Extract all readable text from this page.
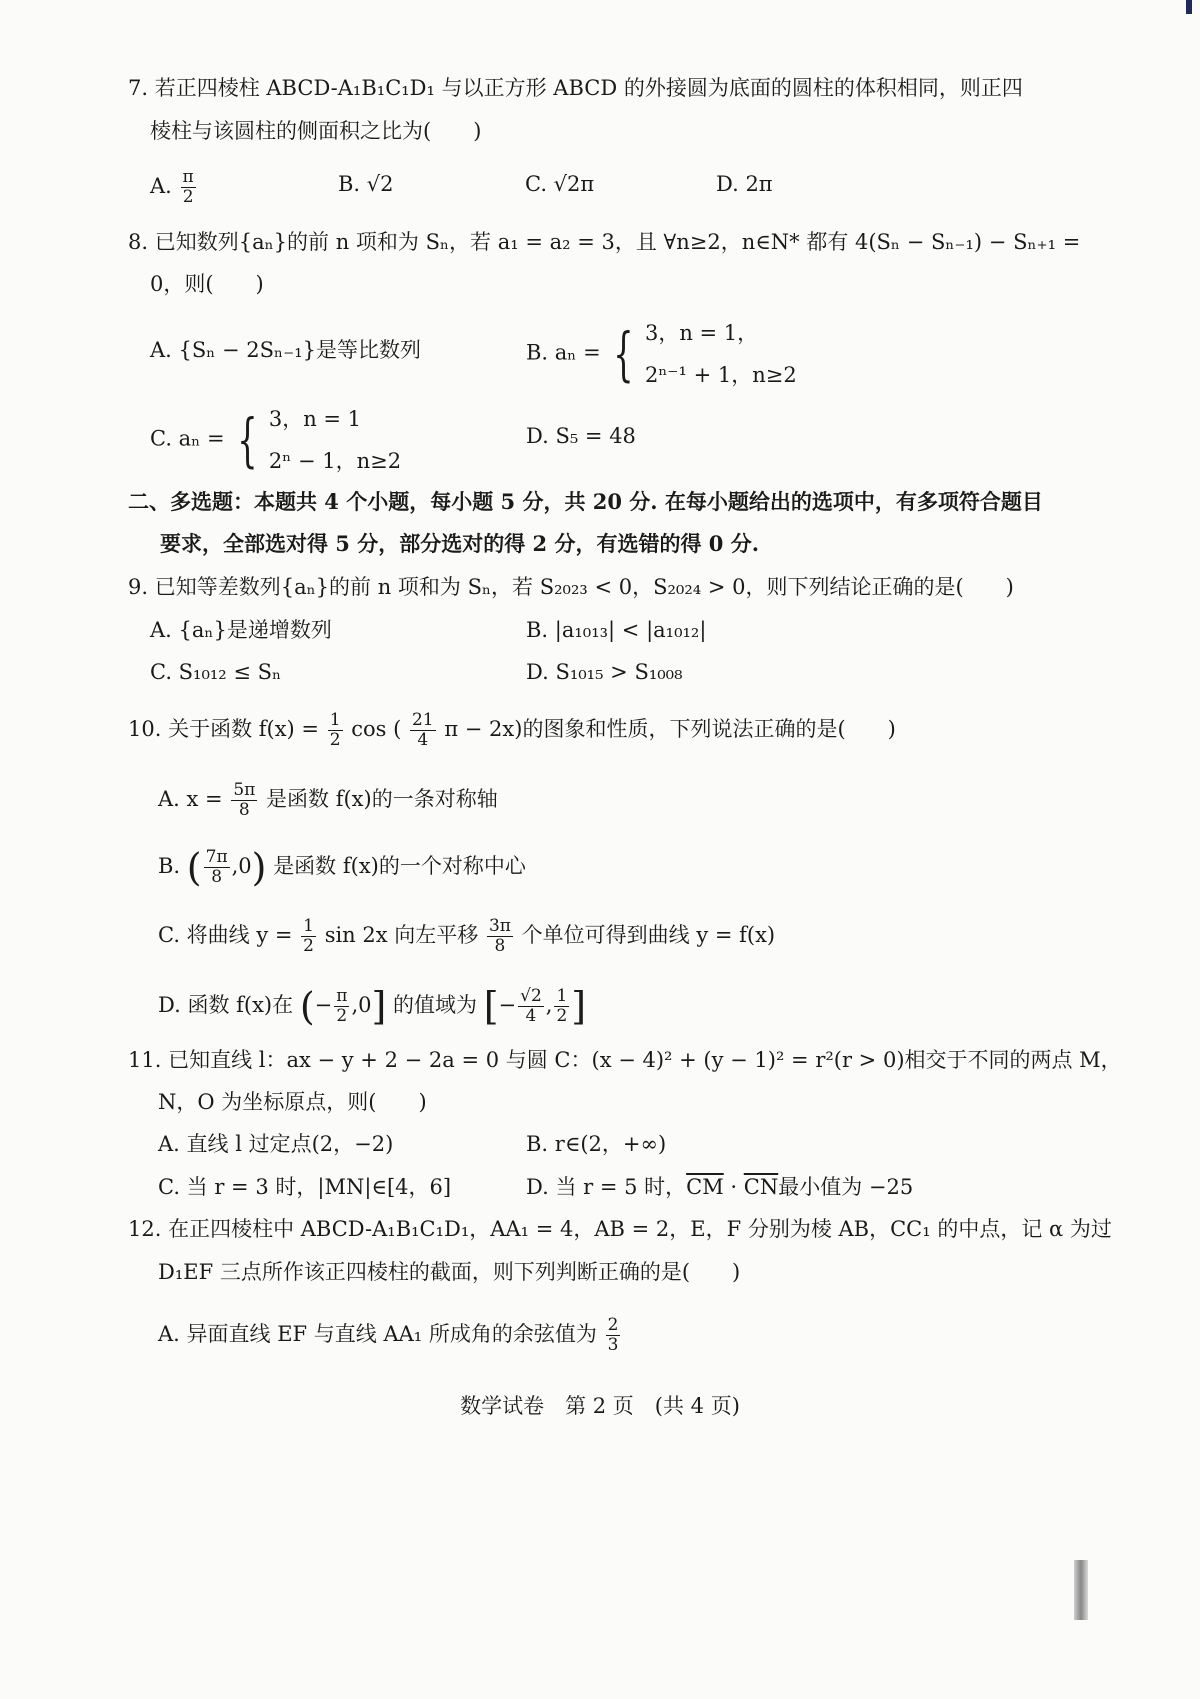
7. 若正四棱柱 ABCD-A₁B₁C₁D₁ 与以正方形 ABCD 的外接圆为底面的圆柱的体积相同，则正四
棱柱与该圆柱的侧面积之比为(　　)
A. $\frac{\pi}{2}$	B. √2	C. √2π	D. 2π
8. 已知数列{aₙ}的前 n 项和为 Sₙ，若 a₁ = a₂ = 3，且 ∀n≥2，n∈N* 都有 4(Sₙ − Sₙ₋₁) − Sₙ₊₁ =
0，则(　　)
A. {Sₙ − 2Sₙ₋₁}是等比数列	B. aₙ = { 3，n = 1，
2ⁿ⁻¹ + 1，n≥2
C. aₙ = { 3，n = 1
2ⁿ − 1，n≥2
D. S₅ = 48
二、多选题：本题共 4 个小题，每小题 5 分，共 20 分. 在每小题给出的选项中，有多项符合题目
要求，全部选对得 5 分，部分选对的得 2 分，有选错的得 0 分.
9. 已知等差数列{aₙ}的前 n 项和为 Sₙ，若 S₂₀₂₃ < 0，S₂₀₂₄ > 0，则下列结论正确的是(　　)
A. {aₙ}是递增数列	B. |a₁₀₁₃| < |a₁₀₁₂|
C. S₁₀₁₂ ≤ Sₙ	D. S₁₀₁₅ > S₁₀₀₈
10. 关于函数 $f(x) = \frac{1}{2}$ cos ( $\frac{21}{4}$ π − 2x)的图象和性质，下列说法正确的是(　　)
A. $x = \frac{5\pi}{8}$ 是函数 f(x)的一条对称轴
B. ( $\frac{7\pi}{8} ,0$) 是函数 f(x)的一个对称中心
C. 将曲线 $y = \frac{1}{2}$ sin 2x 向左平移 $\frac{3\pi}{8}$ 个单位可得到曲线 y = f(x)
D. 函数 f(x)在 (− $\frac{\pi}{2} ,0$] 的值域为 [− $\frac{√2}{4}$ , $\frac{1}{2}$ ]
11. 已知直线 l：ax − y + 2 − 2a = 0 与圆 C：(x − 4)² + (y − 1)² = r²(r > 0)相交于不同的两点 M，
N，O 为坐标原点，则(　　)
A. 直线 l 过定点(2，−2)	B. r∈(2，+∞)
C. 当 r = 3 时，|MN|∈[4，6]	D. 当 r = 5 时，$\overline{CM} \cdot \overline{CN}$最小值为 −25
12. 在正四棱柱中 ABCD-A₁B₁C₁D₁，AA₁ = 4，AB = 2，E，F 分别为棱 AB，CC₁ 的中点，记 α 为过
D₁EF 三点所作该正四棱柱的截面，则下列判断正确的是(　　)
A. 异面直线 EF 与直线 AA₁ 所成角的余弦值为 $\frac{2}{3}$
数学试卷　第 2 页　(共 4 页)
